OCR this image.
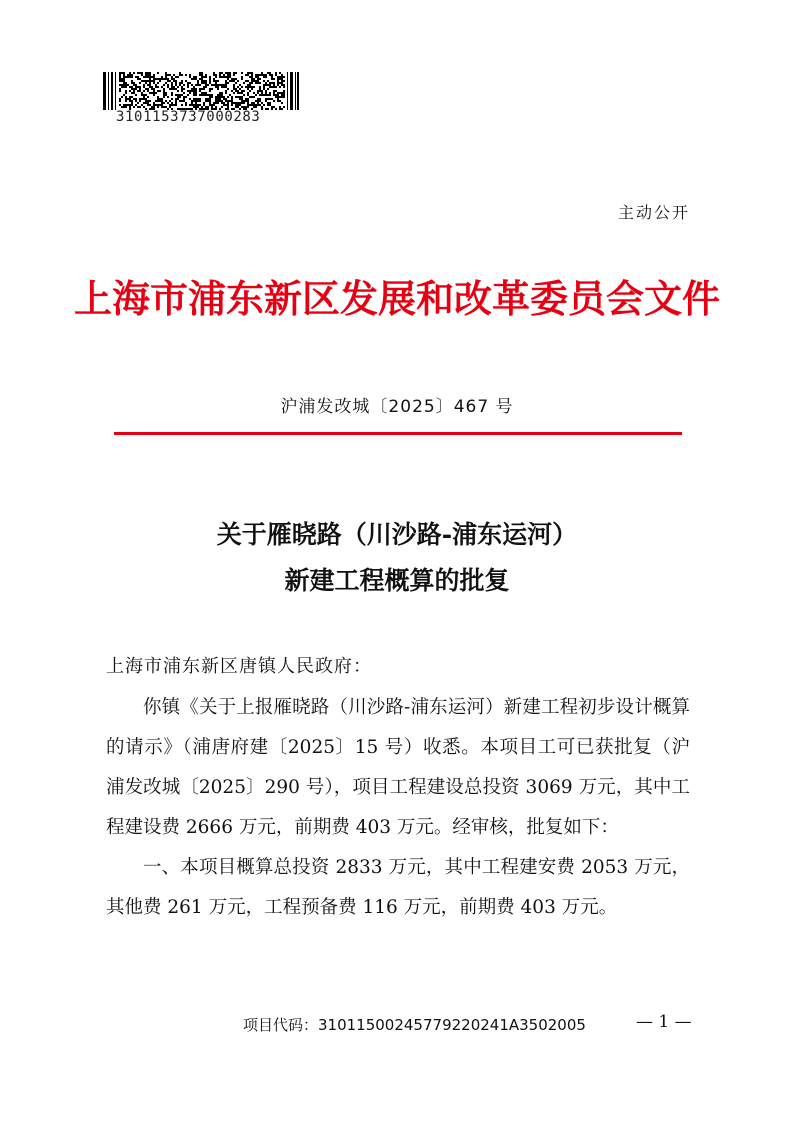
3101153737000283
主动公开
上海市浦东新区发展和改革委员会文件
沪浦发改城〔2025〕467 号
关于雁晓路（川沙路-浦东运河）
新建工程概算的批复
上海市浦东新区唐镇人民政府：

你镇《关于上报雁晓路（川沙路-浦东运河）新建工程初步设计概算的请示》（浦唐府建〔2025〕15 号）收悉。本项目工可已获批复（沪浦发改城〔2025〕290 号），项目工程建设总投资 3069 万元，其中工程建设费 2666 万元，前期费 403 万元。经审核，批复如下：

一、本项目概算总投资 2833 万元，其中工程建安费 2053 万元，其他费 261 万元，工程预备费 116 万元，前期费 403 万元。

项目代码：31011500245779220241A3502005	— 1 —
